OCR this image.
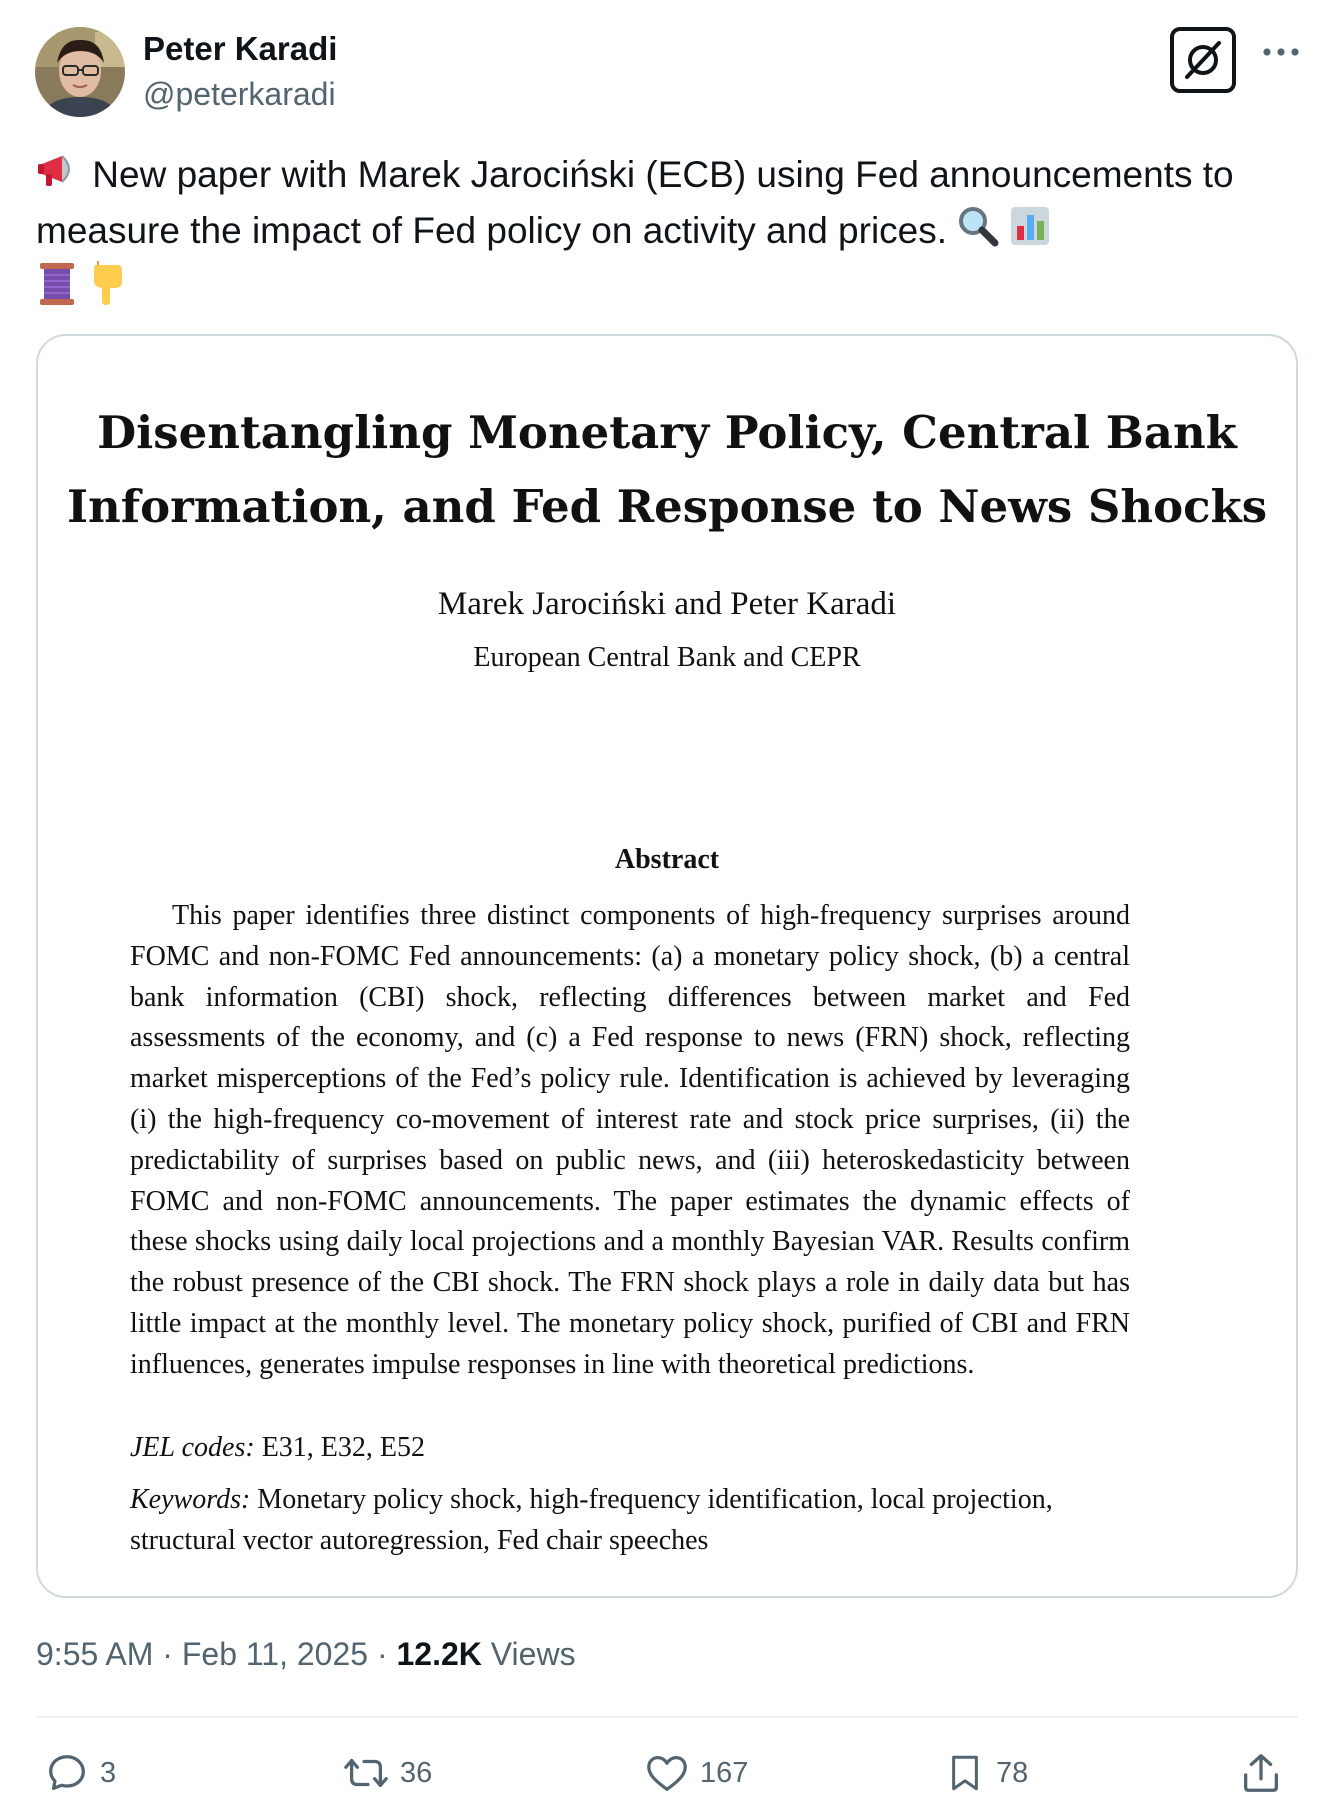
Peter Karadi
@peterkaradi
New paper with Marek Jarociński (ECB) using Fed announcements to
measure the impact of Fed policy on activity and prices.

Disentangling Monetary Policy, Central Bank
Information, and Fed Response to News Shocks
Marek Jarociński and Peter Karadi
European Central Bank and CEPR
Abstract
This paper identifies three distinct components of high-frequency surprises around FOMC and non-FOMC Fed announcements: (a) a monetary policy shock, (b) a central bank information (CBI) shock, reflecting differences between market and Fed assessments of the economy, and (c) a Fed response to news (FRN) shock, reflecting market misperceptions of the Fed’s policy rule. Identification is achieved by leveraging (i) the high-frequency co-movement of interest rate and stock price surprises, (ii) the predictability of surprises based on public news, and (iii) heteroskedasticity between FOMC and non-FOMC announcements. The paper estimates the dynamic effects of these shocks using daily local projections and a monthly Bayesian VAR. Results confirm the robust presence of the CBI shock. The FRN shock plays a role in daily data but has little impact at the monthly level. The monetary policy shock, purified of CBI and FRN influences, generates impulse responses in line with theoretical predictions.
JEL codes: E31, E32, E52
Keywords: Monetary policy shock, high-frequency identification, local projection, structural vector autoregression, Fed chair speeches
9:55 AM · Feb 11, 2025 · 12.2K Views
3	36	167	78
